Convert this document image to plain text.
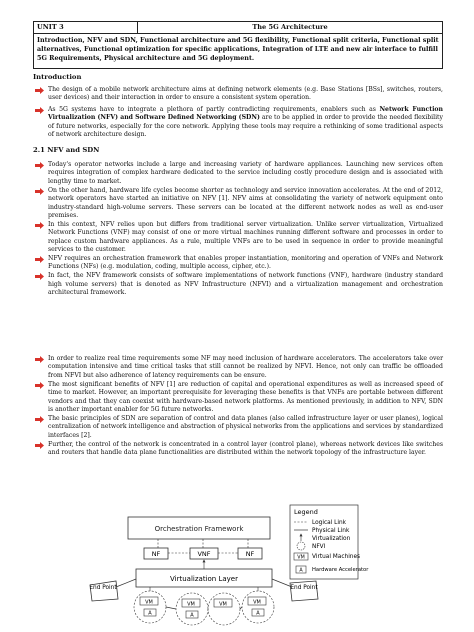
UNIT 3	The 5G Architecture
Introduction, NFV and SDN, Functional architecture and 5G flexibility, Functional split criteria, Functional split alternatives, Functional optimization for specific applications, Integration of LTE and new air interface to fulfill 5G Requirements, Physical architecture and 5G deployment.
Introduction

The design of a mobile network architecture aims at defining network elements (e.g. Base Stations [BSs], switches, routers, user devices) and their interaction in order to ensure a consistent system operation.

As 5G systems have to integrate a plethora of partly contradicting requirements, enablers such as Network Function Virtualization (NFV) and Software Defined Networking (SDN) are to be applied in order to provide the needed flexibility of future networks, especially for the core network. Applying these tools may require a rethinking of some traditional aspects of network architecture design.

2.1 NFV and SDN

Today's operator networks include a large and increasing variety of hardware appliances. Launching new services often requires integration of complex hardware dedicated to the service including costly procedure design and is associated with lengthy time to market.

On the other hand, hardware life cycles become shorter as technology and service innovation accelerates. At the end of 2012, network operators have started an initiative on NFV [1]. NFV aims at consolidating the variety of network equipment onto industry-standard high-volume servers. These servers can be located at the different network nodes as well as end-user premises.

In this context, NFV relies upon but differs from traditional server virtualization. Unlike server virtualization, Virtualized Network Functions (VNF) may consist of one or more virtual machines running different software and processes in order to replace custom hardware appliances. As a rule, multiple VNFs are to be used in sequence in order to provide meaningful services to the customer.

NFV requires an orchestration framework that enables proper instantiation, monitoring and operation of VNFs and Network Functions (NFs) (e.g. modulation, coding, multiple access, cipher, etc.).

In fact, the NFV framework consists of software implementations of network functions (VNF), hardware (industry standard high volume servers) that is denoted as NFV Infrastructure (NFVI) and a virtualization management and orchestration architectural framework.

In order to realize real time requirements some NF may need inclusion of hardware accelerators. The accelerators take over computation intensive and time critical tasks that still cannot be realized by NFVI. Hence, not only can traffic be offloaded from NFVI but also adherence of latency requirements can be ensure.

The most significant benefits of NFV [1] are reduction of capital and operational expenditures as well as increased speed of time to market. However, an important prerequisite for leveraging these benefits is that VNFs are portable between different vendors and that they can coexist with hardware-based network platforms. As mentioned previously, in addition to NFV, SDN is another important enabler for 5G future networks.

The basic principles of SDN are separation of control and data planes (also called infrastructure layer or user planes), logical centralization of network intelligence and abstraction of physical networks from the applications and services by standardized interfaces [2].

Further, the control of the network is concentrated in a control layer (control plane), whereas network devices like switches and routers that handle data plane functionalities are distributed within the network topology of the infrastructure layer.

Orchestration Framework
NF	VNF	NF
Virtualization Layer
End Point	End Point
VM
A
VM
A
VM	VM
A
Legend
Logical Link
Physical Link
Virtualization
NFVI
VM Virtual Machines
A Hardware Accelerator
